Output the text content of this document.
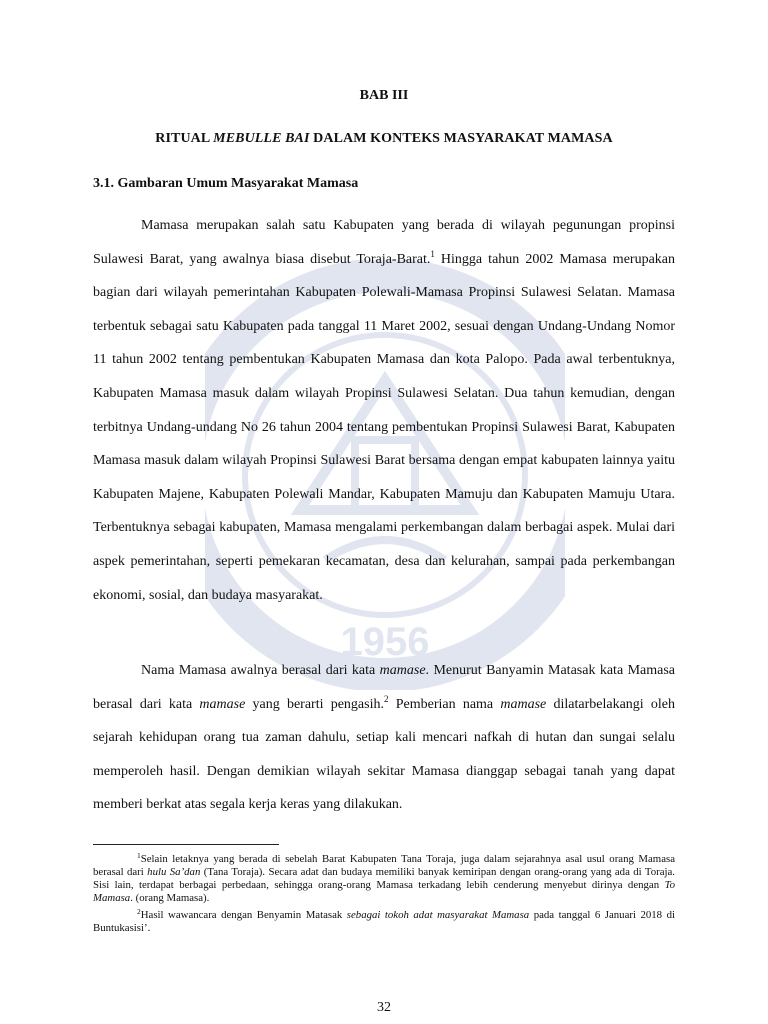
1956
BAB III
RITUAL MEBULLE BAI DALAM KONTEKS MASYARAKAT MAMASA
3.1. Gambaran Umum Masyarakat Mamasa

Mamasa merupakan salah satu Kabupaten yang berada di wilayah pegunungan propinsi Sulawesi Barat, yang awalnya biasa disebut Toraja-Barat.$^1$ Hingga tahun 2002 Mamasa merupakan bagian dari wilayah pemerintahan Kabupaten Polewali-Mamasa Propinsi Sulawesi Selatan. Mamasa terbentuk sebagai satu Kabupaten pada tanggal 11 Maret 2002, sesuai dengan Undang-Undang Nomor 11 tahun 2002 tentang pembentukan Kabupaten Mamasa dan kota Palopo. Pada awal terbentuknya, Kabupaten Mamasa masuk dalam wilayah Propinsi Sulawesi Selatan. Dua tahun kemudian, dengan terbitnya Undang-undang No 26 tahun 2004 tentang pembentukan Propinsi Sulawesi Barat, Kabupaten Mamasa masuk dalam wilayah Propinsi Sulawesi Barat bersama dengan empat kabupaten lainnya yaitu Kabupaten Majene, Kabupaten Polewali Mandar, Kabupaten Mamuju dan Kabupaten Mamuju Utara. Terbentuknya sebagai kabupaten, Mamasa mengalami perkembangan dalam berbagai aspek. Mulai dari aspek pemerintahan, seperti pemekaran kecamatan, desa dan kelurahan, sampai pada perkembangan ekonomi, sosial, dan budaya masyarakat.

Nama Mamasa awalnya berasal dari kata mamase. Menurut Banyamin Matasak kata Mamasa berasal dari kata mamase yang berarti pengasih.$^2$ Pemberian nama mamase dilatarbelakangi oleh sejarah kehidupan orang tua zaman dahulu, setiap kali mencari nafkah di hutan dan sungai selalu memperoleh hasil. Dengan demikian wilayah sekitar Mamasa dianggap sebagai tanah yang dapat memberi berkat atas segala kerja keras yang dilakukan.

$^1$Selain letaknya yang berada di sebelah Barat Kabupaten Tana Toraja, juga dalam sejarahnya asal usul orang Mamasa berasal dari hulu Sa’dan (Tana Toraja). Secara adat dan budaya memiliki banyak kemiripan dengan orang-orang yang ada di Toraja. Sisi lain, terdapat berbagai perbedaan, sehingga orang-orang Mamasa terkadang lebih cenderung menyebut dirinya dengan To Mamasa. (orang Mamasa).

$^2$Hasil wawancara dengan Benyamin Matasak sebagai tokoh adat masyarakat Mamasa pada tanggal 6 Januari 2018 di Buntukasisi’.

32
